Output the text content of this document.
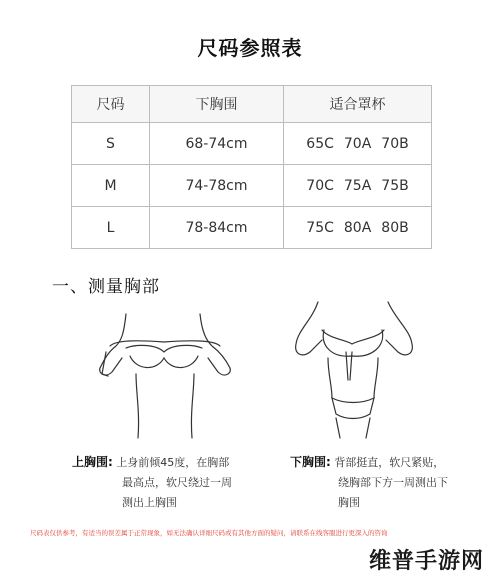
尺码参照表
尺码	下胸围	适合罩杯
S	68-74cm	65C 70A 70B
M	74-78cm	70C 75A 75B
L	78-84cm	75C 80A 80B
一、测量胸部
上胸围: 上身前倾45度，在胸部
最高点，软尺绕过一周
测出上胸围
下胸围: 背部挺直，软尺紧贴，
绕胸部下方一周测出下
胸围
尺码表仅供参考，有适当的误差属于正常现象，如无法确认详细尺码或有其他方面的疑问，请联系在线客服进行更深入的咨询
维普手游网
